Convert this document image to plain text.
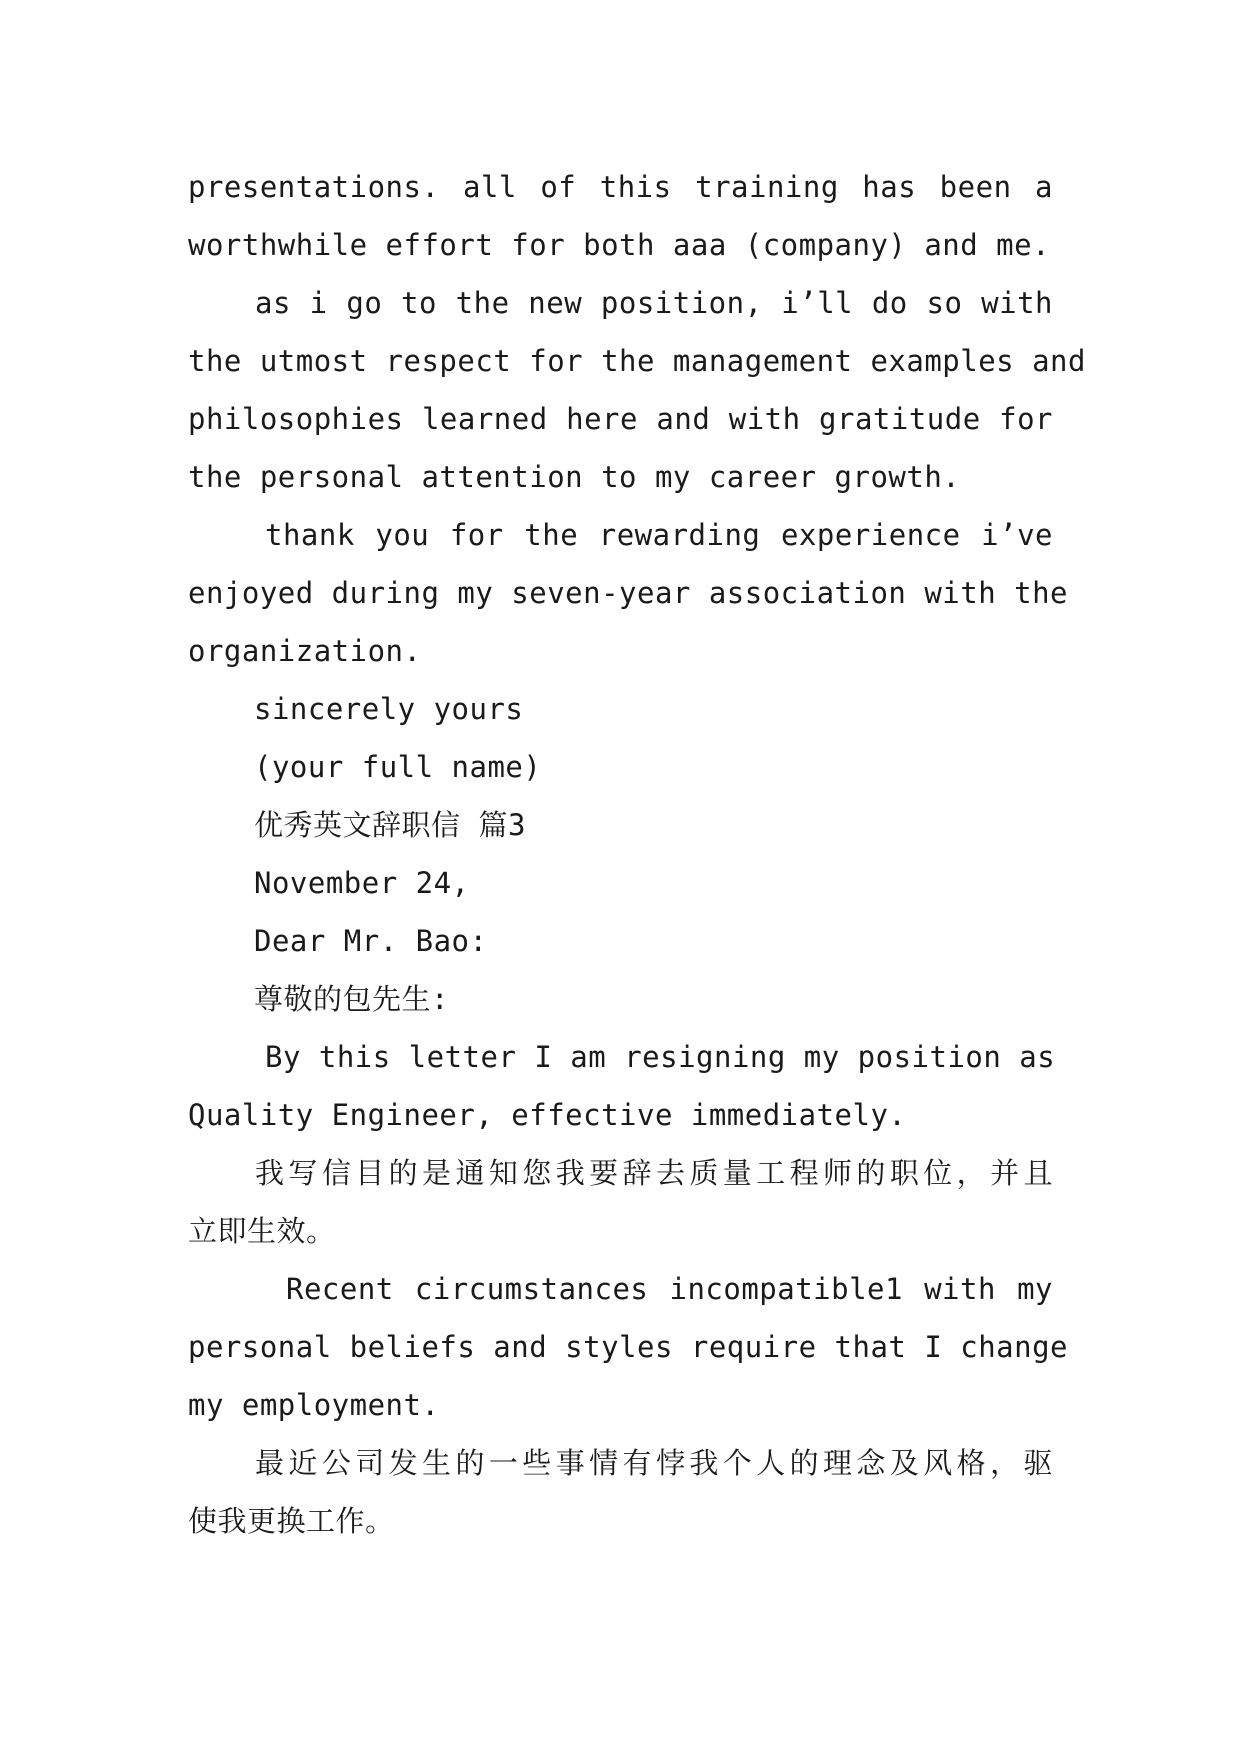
presentations. all of this training has been a
worthwhile effort for both aaa (company) and me.
as i go to the new position, i’ll do so with
the utmost respect for the management examples and
philosophies learned here and with gratitude for
the personal attention to my career growth.
thank you for the rewarding experience i’ve
enjoyed during my seven-year association with the
organization.
sincerely yours
(your full name)
优秀英文辞职信 篇3
November 24,
Dear Mr. Bao:
尊敬的包先生:
By this letter I am resigning my position as
Quality Engineer, effective immediately.
我写信目的是通知您我要辞去质量工程师的职位，并且
立即生效。
Recent circumstances incompatible1 with my
personal beliefs and styles require that I change
my employment.
最近公司发生的一些事情有悖我个人的理念及风格，驱
使我更换工作。
